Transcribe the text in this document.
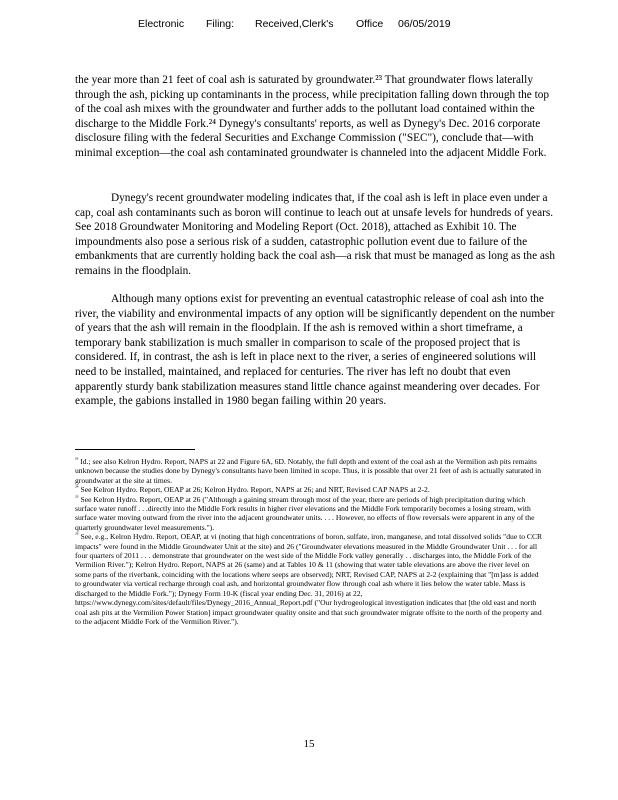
Electronic Filing: Received,Clerk's Office 06/05/2019

the year more than 21 feet of coal ash is saturated by groundwater.²³ That groundwater flows laterally through the ash, picking up contaminants in the process, while precipitation falling down through the top of the coal ash mixes with the groundwater and further adds to the pollutant load contained within the discharge to the Middle Fork.²⁴ Dynegy's consultants' reports, as well as Dynegy's Dec. 2016 corporate disclosure filing with the federal Securities and Exchange Commission ("SEC"), conclude that—with minimal exception—the coal ash contaminated groundwater is channeled into the adjacent Middle Fork.

Dynegy's recent groundwater modeling indicates that, if the coal ash is left in place even under a cap, coal ash contaminants such as boron will continue to leach out at unsafe levels for hundreds of years. See 2018 Groundwater Monitoring and Modeling Report (Oct. 2018), attached as Exhibit 10. The impoundments also pose a serious risk of a sudden, catastrophic pollution event due to failure of the embankments that are currently holding back the coal ash—a risk that must be managed as long as the ash remains in the floodplain.

Although many options exist for preventing an eventual catastrophic release of coal ash into the river, the viability and environmental impacts of any option will be significantly dependent on the number of years that the ash will remain in the floodplain. If the ash is removed within a short timeframe, a temporary bank stabilization is much smaller in comparison to scale of the proposed project that is considered. If, in contrast, the ash is left in place next to the river, a series of engineered solutions will need to be installed, maintained, and replaced for centuries. The river has left no doubt that even apparently sturdy bank stabilization measures stand little chance against meandering over decades. For example, the gabions installed in 1980 began failing within 20 years.

$^{^{23}}$ Id.; see also Kelron Hydro. Report, NAPS at 22 and Figure 6A, 6D. Notably, the full depth and extent of the coal ash at the Vermilion ash pits remains unknown because the studies done by Dynegy's consultants have been limited in scope. Thus, it is possible that over 21 feet of ash is actually saturated in groundwater at the site at times.

$^{^{24}}$ See Kelron Hydro. Report, OEAP at 26; Kelron Hydro. Report, NAPS at 26; and NRT, Revised CAP NAPS at 2-2.

$^{^{25}}$ See Kelron Hydro. Report, OEAP at 26 ("Although a gaining stream through most of the year, there are periods of high precipitation during which surface water runoff . . .directly into the Middle Fork results in higher river elevations and the Middle Fork temporarily becomes a losing stream, with surface water moving outward from the river into the adjacent groundwater units. . . . However, no effects of flow reversals were apparent in any of the quarterly groundwater level measurements.").

$^{^{26}}$ See, e.g., Kelron Hydro. Report, OEAP, at vi (noting that high concentrations of boron, sulfate, iron, manganese, and total dissolved solids "due to CCR impacts" were found in the Middle Groundwater Unit at the site) and 26 ("Groundwater elevations measured in the Middle Groundwater Unit . . . for all four quarters of 2011 . . . demonstrate that groundwater on the west side of the Middle Fork valley generally . . discharges into, the Middle Fork of the Vermilion River."); Kelron Hydro. Report, NAPS at 26 (same) and at Tables 10 & 11 (showing that water table elevations are above the river level on some parts of the riverbank, coinciding with the locations where seeps are observed); NRT, Revised CAP, NAPS at 2-2 (explaining that "[m]ass is added to groundwater via vertical recharge through coal ash, and horizontal groundwater flow through coal ash where it lies below the water table. Mass is discharged to the Middle Fork."); Dynegy Form 10-K (fiscal year ending Dec. 31, 2016) at 22, https://www.dynegy.com/sites/default/files/Dynegy_2016_Annual_Report.pdf ("Our hydrogeological investigation indicates that [the old east and north coal ash pits at the Vermilion Power Station] impact groundwater quality onsite and that such groundwater migrate offsite to the north of the property and to the adjacent Middle Fork of the Vermilion River.").

15
